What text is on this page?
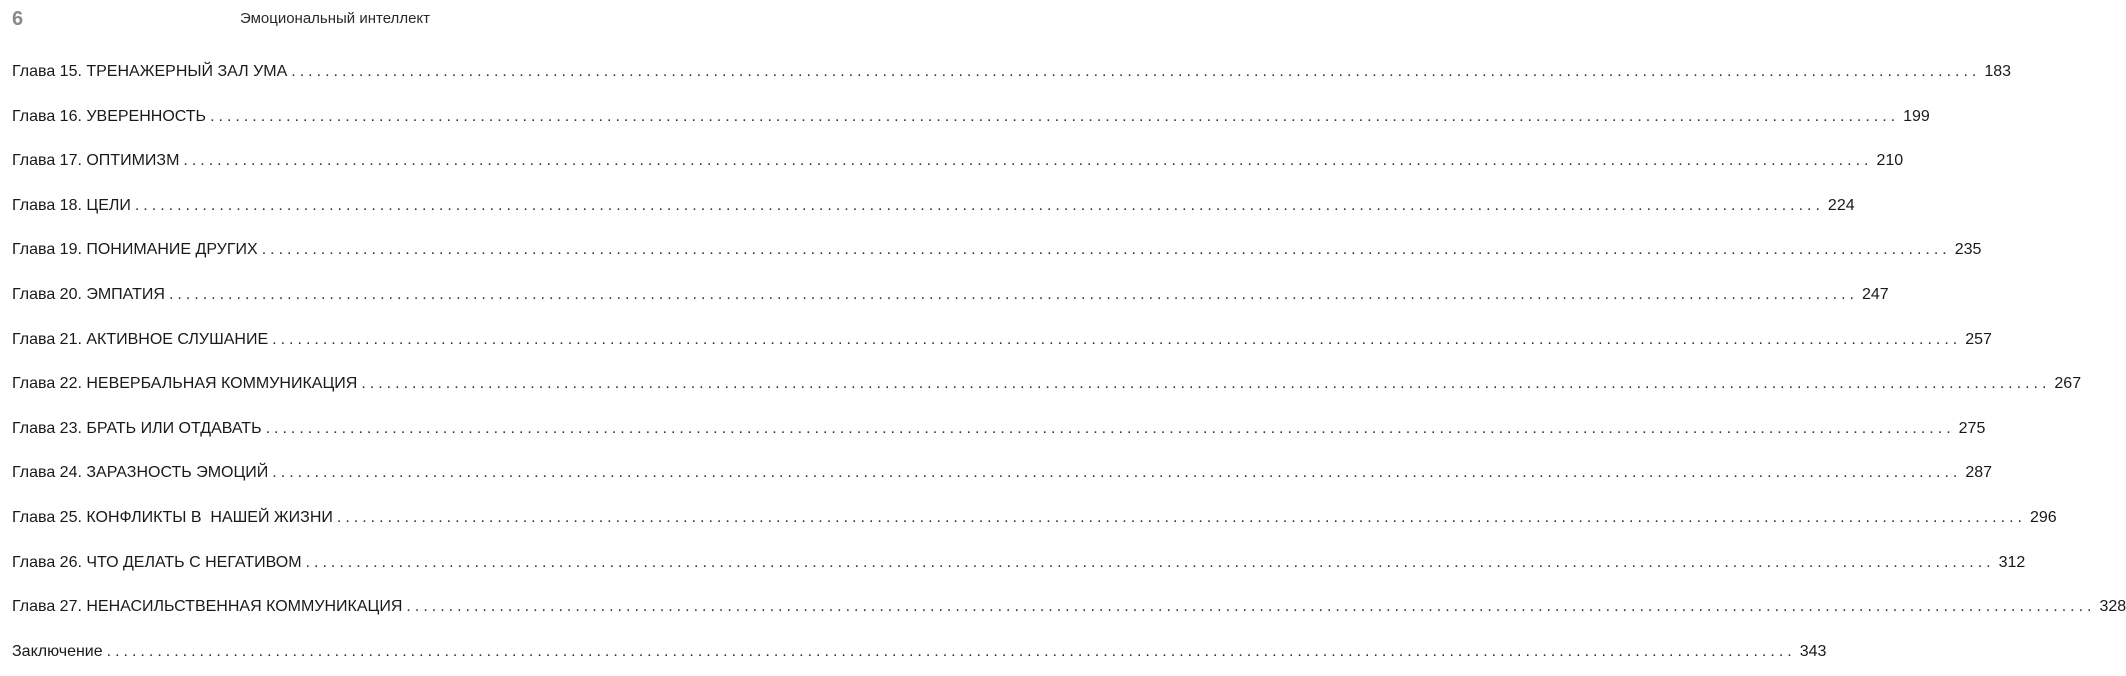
6	Эмоциональный интеллект
Глава 15. ТРЕНАЖЕРНЫЙ ЗАЛ УМА ........................................................................................................................................................................................................ 183
Глава 16. УВЕРЕННОСТЬ ........................................................................................................................................................................................................ 199
Глава 17. ОПТИМИЗМ ........................................................................................................................................................................................................ 210
Глава 18. ЦЕЛИ ........................................................................................................................................................................................................ 224
Глава 19. ПОНИМАНИЕ ДРУГИХ ........................................................................................................................................................................................................ 235
Глава 20. ЭМПАТИЯ ........................................................................................................................................................................................................ 247
Глава 21. АКТИВНОЕ СЛУШАНИЕ ........................................................................................................................................................................................................ 257
Глава 22. НЕВЕРБАЛЬНАЯ КОММУНИКАЦИЯ ........................................................................................................................................................................................................ 267
Глава 23. БРАТЬ ИЛИ ОТДАВАТЬ ........................................................................................................................................................................................................ 275
Глава 24. ЗАРАЗНОСТЬ ЭМОЦИЙ ........................................................................................................................................................................................................ 287
Глава 25. КОНФЛИКТЫ В  НАШЕЙ ЖИЗНИ ........................................................................................................................................................................................................ 296
Глава 26. ЧТО ДЕЛАТЬ С НЕГАТИВОМ ........................................................................................................................................................................................................ 312
Глава 27. НЕНАСИЛЬСТВЕННАЯ КОММУНИКАЦИЯ ........................................................................................................................................................................................................ 328
Заключение ........................................................................................................................................................................................................ 343
